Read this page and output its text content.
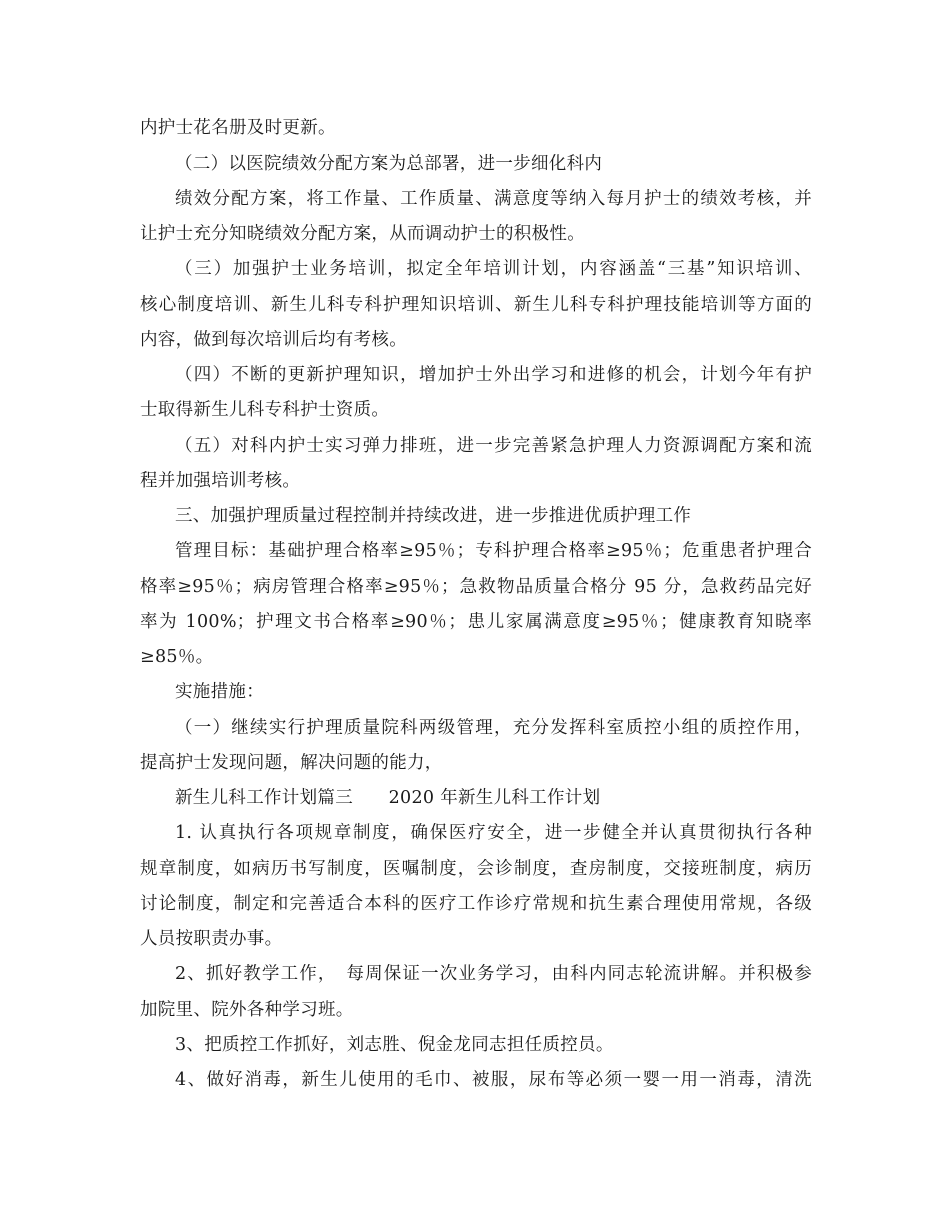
内护士花名册及时更新。
（二）以医院绩效分配方案为总部署，进一步细化科内
绩效分配方案，将工作量、工作质量、满意度等纳入每月护士的绩效考核，并
让护士充分知晓绩效分配方案，从而调动护士的积极性。
（三）加强护士业务培训，拟定全年培训计划，内容涵盖“三基”知识培训、
核心制度培训、新生儿科专科护理知识培训、新生儿科专科护理技能培训等方面的
内容，做到每次培训后均有考核。
（四）不断的更新护理知识，增加护士外出学习和进修的机会，计划今年有护
士取得新生儿科专科护士资质。
（五）对科内护士实习弹力排班，进一步完善紧急护理人力资源调配方案和流
程并加强培训考核。
三、加强护理质量过程控制并持续改进，进一步推进优质护理工作
管理目标：基础护理合格率≥95％；专科护理合格率≥95％；危重患者护理合
格率≥95％；病房管理合格率≥95％；急救物品质量合格分 95 分，急救药品完好
率为 100%；护理文书合格率≥90％；患儿家属满意度≥95％；健康教育知晓率
≥85％。
实施措施：
（一）继续实行护理质量院科两级管理，充分发挥科室质控小组的质控作用，
提高护士发现问题，解决问题的能力，
新生儿科工作计划篇三　　2020 年新生儿科工作计划
1. 认真执行各项规章制度，确保医疗安全，进一步健全并认真贯彻执行各种
规章制度，如病历书写制度，医嘱制度，会诊制度，查房制度，交接班制度，病历
讨论制度，制定和完善适合本科的医疗工作诊疗常规和抗生素合理使用常规，各级
人员按职责办事。
2、抓好教学工作，　每周保证一次业务学习，由科内同志轮流讲解。并积极参
加院里、院外各种学习班。
3、把质控工作抓好，刘志胜、倪金龙同志担任质控员。
4、做好消毒，新生儿使用的毛巾、被服，尿布等必须一婴一用一消毒，清洗
